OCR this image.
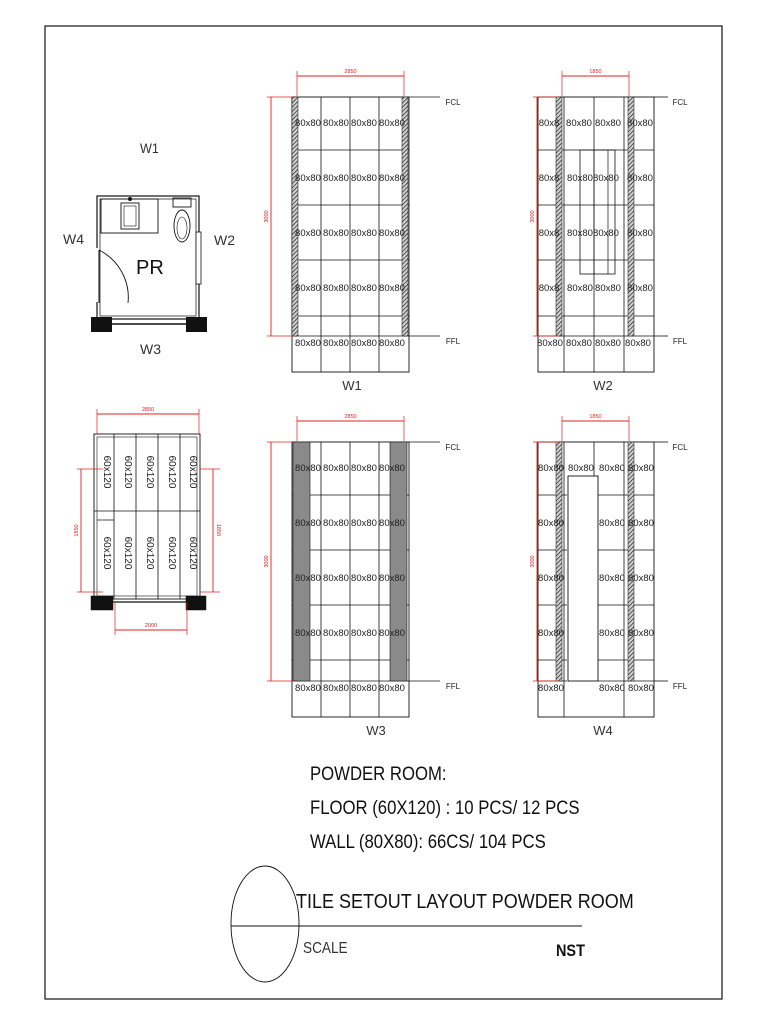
PR
W1
W2
W3
W4
80x80 80x80 80x80 80x80
80x80 80x80 80x80 80x80
80x80 80x80 80x80 80x80
80x80 80x80 80x80 80x80
80x80 80x80 80x80 80x80
FCL
FFL
2850
3000
W1
80x8	80x80
80x8	80x80
80x8	80x80
80x8	80x80
80x80 80x80
80x80 80x80
80x80 80x80
80x80 80x80
80x80 80x80 80x80 80x80
FCL
FFL
1850
3000
W2
80x80 80x80 80x80 80x80
80x80 80x80 80x80 80x80
80x80 80x80 80x80 80x80
80x80 80x80 80x80 80x80
80x80 80x80 80x80 80x80
FCL
FFL
2850
3000
W3
80x80 80x80 80x80 80x80
80x80 80x80
80x80 80x80
80x80 80x80
80x80
80x80
80x80
80x80	80x80 80x80
FCL
FFL
1850
3000
W4
60x120
60x120
60x120
60x120
60x120
60x120
60x120
60x120
60x120
60x120
2850
1850	1850
2000
POWDER ROOM:
FLOOR (60X120) : 10 PCS/ 12 PCS
WALL (80X80): 66CS/ 104 PCS
TILE SETOUT LAYOUT POWDER ROOM
SCALE	NST
